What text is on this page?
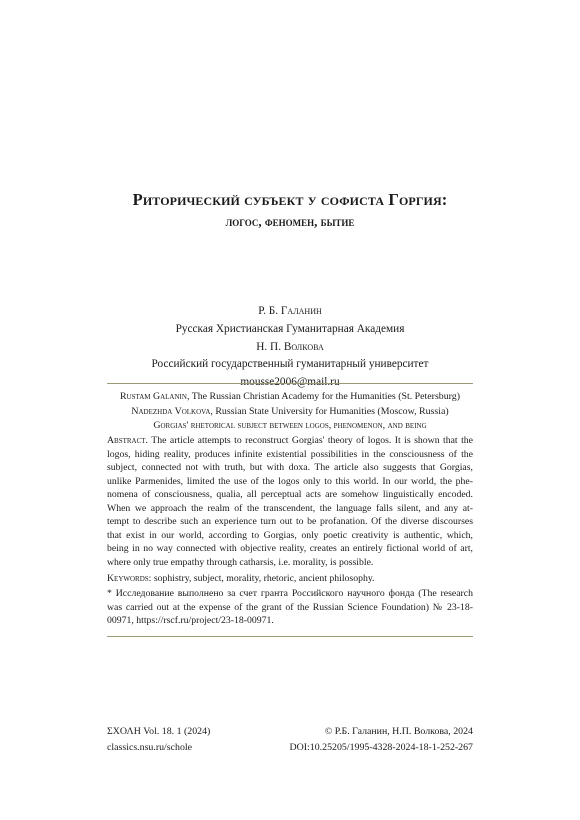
Риторический субъект у софиста Горгия:
логос, феномен, бытие
Р. Б. Галанин
Русская Христианская Гуманитарная Академия
Н. П. Волкова
Российский государственный гуманитарный университет
mousse2006@mail.ru
Rustam Galanin, The Russian Christian Academy for the Humanities (St. Petersburg)
Nadezhda Volkova, Russian State University for Humanities (Moscow, Russia)
Gorgias' rhetorical subject between logos, phenomenon, and being
Abstract. The article attempts to reconstruct Gorgias' theory of logos. It is shown that the
logos, hiding reality, produces infinite existential possibilities in the consciousness of the
subject, connected not with truth, but with doxa. The article also suggests that Gorgias,
unlike Parmenides, limited the use of the logos only to this world. In our world, the phe-
nomena of consciousness, qualia, all perceptual acts are somehow linguistically encoded.
When we approach the realm of the transcendent, the language falls silent, and any at-
tempt to describe such an experience turn out to be profanation. Of the diverse discourses
that exist in our world, according to Gorgias, only poetic creativity is authentic, which,
being in no way connected with objective reality, creates an entirely fictional world of art,
where only true empathy through catharsis, i.e. morality, is possible.
Keywords: sophistry, subject, morality, rhetoric, ancient philosophy.
* Исследование выполнено за счет гранта Российского научного фонда (The research
was carried out at the expense of the grant of the Russian Science Foundation) № 23-18-
00971, https://rscf.ru/project/23-18-00971.
ΣΧΟΛΗ Vol. 18. 1 (2024)
classics.nsu.ru/schole
© Р.Б. Галанин, Н.П. Волкова, 2024
DOI:10.25205/1995-4328-2024-18-1-252-267
